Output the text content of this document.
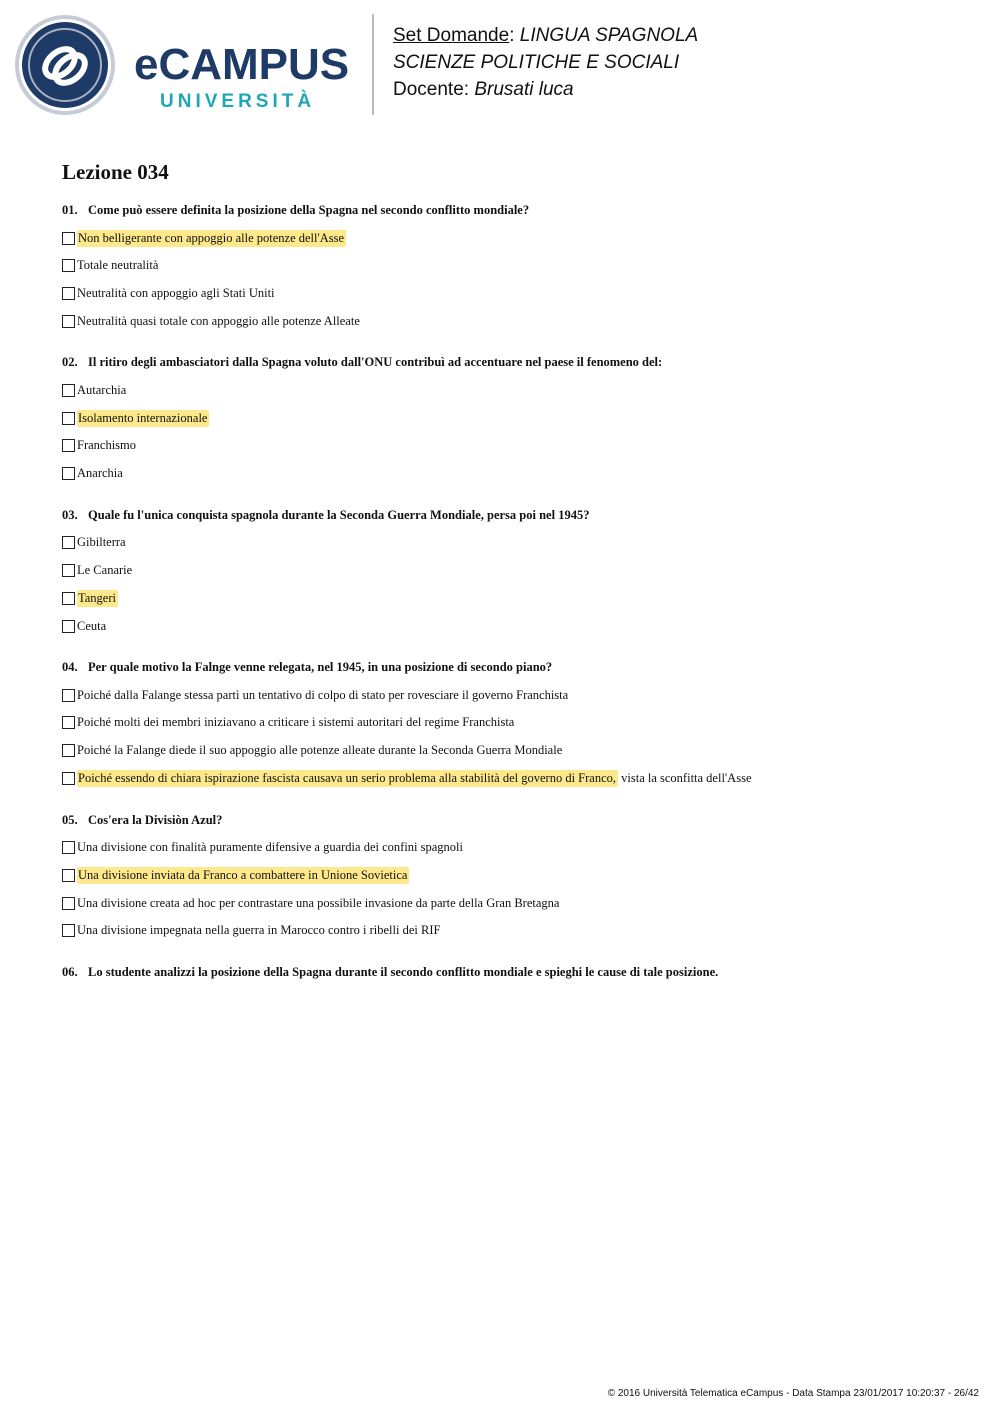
eCAMPUS
UNIVERSITÀ
Set Domande: LINGUA SPAGNOLA
SCIENZE POLITICHE E SOCIALI
Docente: Brusati luca
Lezione 034
01. Come può essere definita la posizione della Spagna nel secondo conflitto mondiale?
Non belligerante con appoggio alle potenze dell'Asse
Totale neutralità
Neutralità con appoggio agli Stati Uniti
Neutralità quasi totale con appoggio alle potenze Alleate
02. Il ritiro degli ambasciatori dalla Spagna voluto dall'ONU contribuì ad accentuare nel paese il fenomeno del:
Autarchia
Isolamento internazionale
Franchismo
Anarchia
03. Quale fu l'unica conquista spagnola durante la Seconda Guerra Mondiale, persa poi nel 1945?
Gibilterra
Le Canarie
Tangeri
Ceuta
04. Per quale motivo la Falnge venne relegata, nel 1945, in una posizione di secondo piano?
Poiché dalla Falange stessa partì un tentativo di colpo di stato per rovesciare il governo Franchista
Poiché molti dei membri iniziavano a criticare i sistemi autoritari del regime Franchista
Poiché la Falange diede il suo appoggio alle potenze alleate durante la Seconda Guerra Mondiale
Poiché essendo di chiara ispirazione fascista causava un serio problema alla stabilità del governo di Franco, vista la sconfitta dell'Asse
05. Cos'era la Divisiòn Azul?
Una divisione con finalità puramente difensive a guardia dei confini spagnoli
Una divisione inviata da Franco a combattere in Unione Sovietica
Una divisione creata ad hoc per contrastare una possibile invasione da parte della Gran Bretagna
Una divisione impegnata nella guerra in Marocco contro i ribelli dei RIF
06. Lo studente analizzi la posizione della Spagna durante il secondo conflitto mondiale e spieghi le cause di tale posizione.
© 2016 Università Telematica eCampus - Data Stampa 23/01/2017 10:20:37 - 26/42
